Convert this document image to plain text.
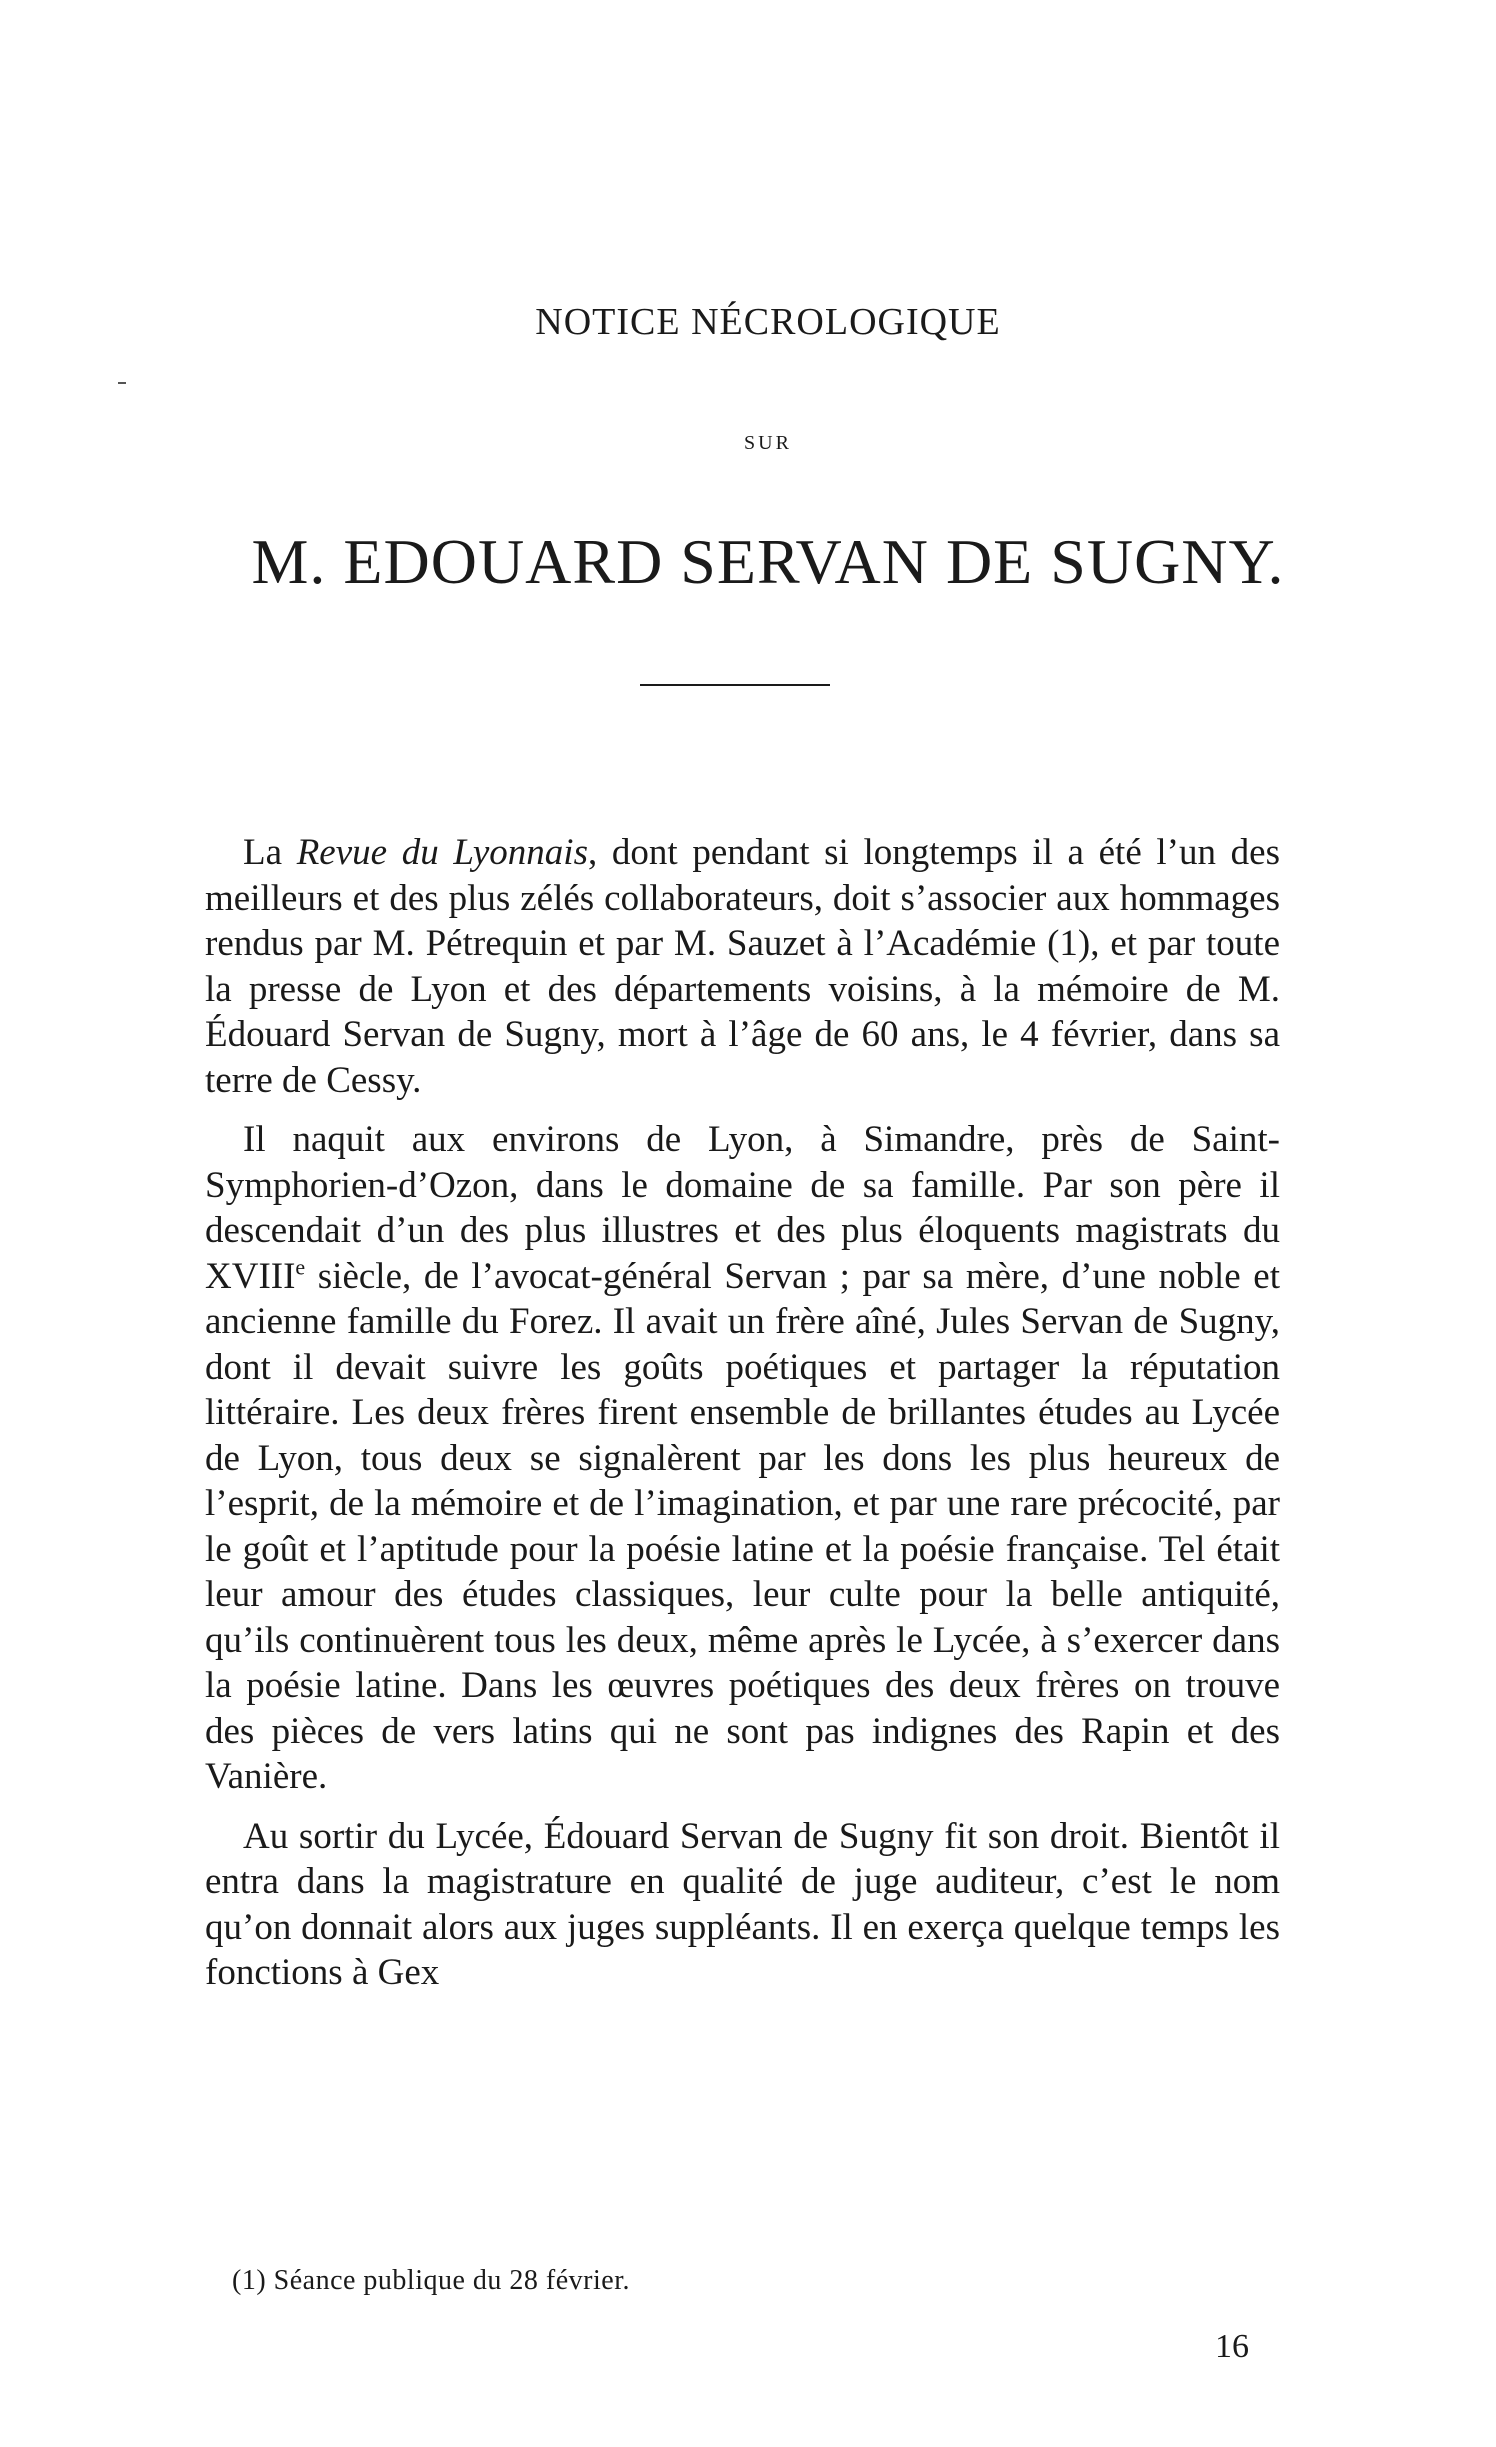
NOTICE NÉCROLOGIQUE
SUR
M. EDOUARD SERVAN DE SUGNY.

La Revue du Lyonnais, dont pendant si longtemps il a été l’un des meilleurs et des plus zélés collaborateurs, doit s’associer aux hommages rendus par M. Pétrequin et par M. Sauzet à l’Académie (1), et par toute la presse de Lyon et des départements voisins, à la mémoire de M. Édouard Servan de Sugny, mort à l’âge de 60 ans, le 4 février, dans sa terre de Cessy.

Il naquit aux environs de Lyon, à Simandre, près de Saint-Symphorien-d’Ozon, dans le domaine de sa famille. Par son père il descendait d’un des plus illustres et des plus éloquents magistrats du XVIIIe siècle, de l’avocat-général Servan ; par sa mère, d’une noble et ancienne famille du Forez. Il avait un frère aîné, Jules Servan de Sugny, dont il devait suivre les goûts poétiques et partager la réputation littéraire. Les deux frères firent ensemble de brillantes études au Lycée de Lyon, tous deux se signalèrent par les dons les plus heureux de l’esprit, de la mémoire et de l’imagination, et par une rare précocité, par le goût et l’aptitude pour la poésie latine et la poésie française. Tel était leur amour des études classiques, leur culte pour la belle antiquité, qu’ils continuèrent tous les deux, même après le Lycée, à s’exercer dans la poésie latine. Dans les œuvres poétiques des deux frères on trouve des pièces de vers latins qui ne sont pas indignes des Rapin et des Vanière.

Au sortir du Lycée, Édouard Servan de Sugny fit son droit. Bientôt il entra dans la magistrature en qualité de juge auditeur, c’est le nom qu’on donnait alors aux juges suppléants. Il en exerça quelque temps les fonctions à Gex

(1) Séance publique du 28 février.
16
